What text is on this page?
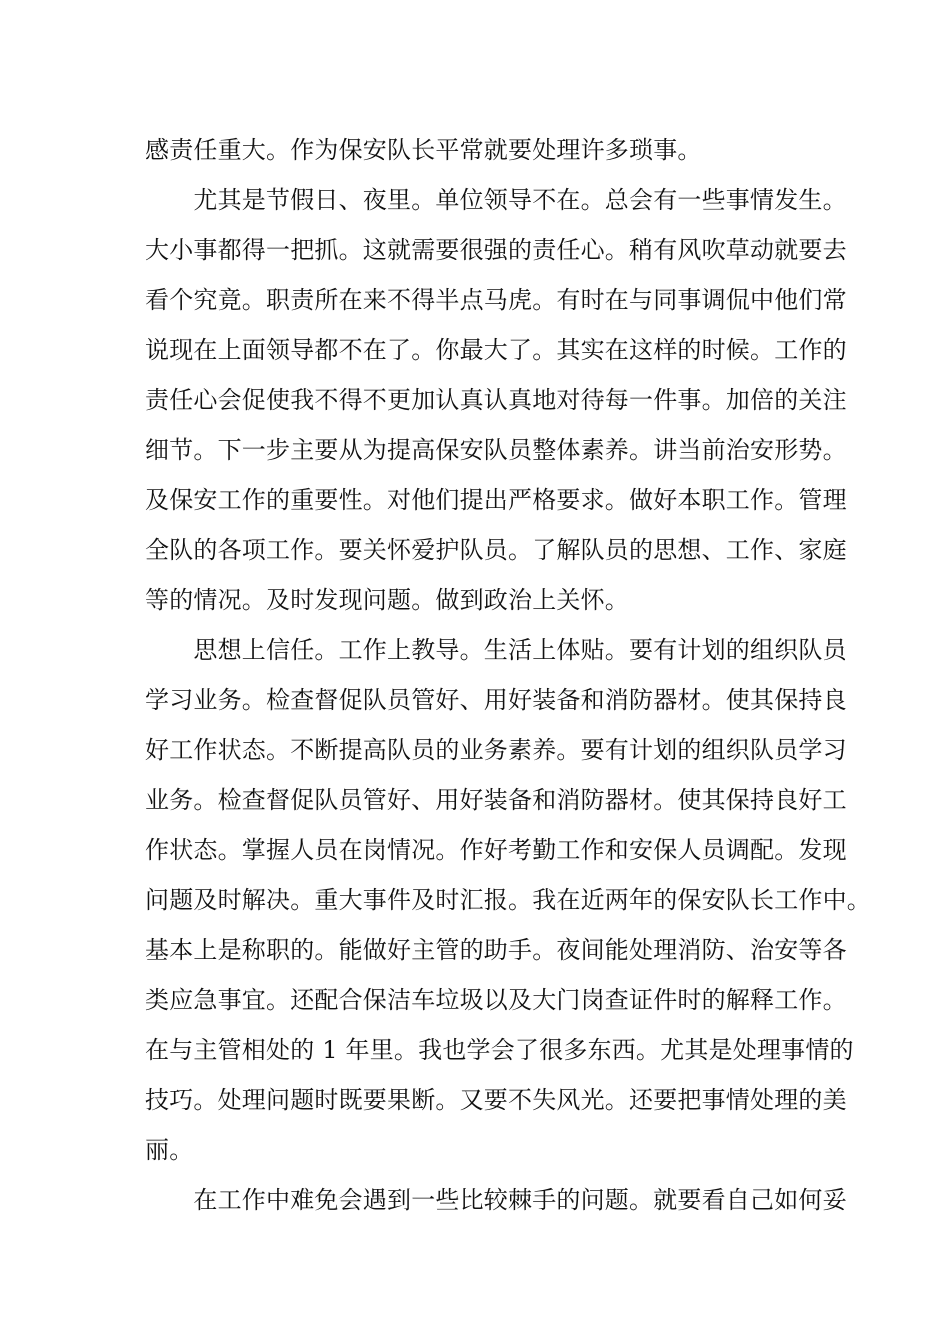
感责任重大。作为保安队长平常就要处理许多琐事。
　　尤其是节假日、夜里。单位领导不在。总会有一些事情发生。
大小事都得一把抓。这就需要很强的责任心。稍有风吹草动就要去
看个究竟。职责所在来不得半点马虎。有时在与同事调侃中他们常
说现在上面领导都不在了。你最大了。其实在这样的时候。工作的
责任心会促使我不得不更加认真认真地对待每一件事。加倍的关注
细节。下一步主要从为提高保安队员整体素养。讲当前治安形势。
及保安工作的重要性。对他们提出严格要求。做好本职工作。管理
全队的各项工作。要关怀爱护队员。了解队员的思想、工作、家庭
等的情况。及时发现问题。做到政治上关怀。
　　思想上信任。工作上教导。生活上体贴。要有计划的组织队员
学习业务。检查督促队员管好、用好装备和消防器材。使其保持良
好工作状态。不断提高队员的业务素养。要有计划的组织队员学习
业务。检查督促队员管好、用好装备和消防器材。使其保持良好工
作状态。掌握人员在岗情况。作好考勤工作和安保人员调配。发现
问题及时解决。重大事件及时汇报。我在近两年的保安队长工作中。
基本上是称职的。能做好主管的助手。夜间能处理消防、治安等各
类应急事宜。还配合保洁车垃圾以及大门岗查证件时的解释工作。
在与主管相处的 1 年里。我也学会了很多东西。尤其是处理事情的
技巧。处理问题时既要果断。又要不失风光。还要把事情处理的美
丽。
　　在工作中难免会遇到一些比较棘手的问题。就要看自己如何妥
